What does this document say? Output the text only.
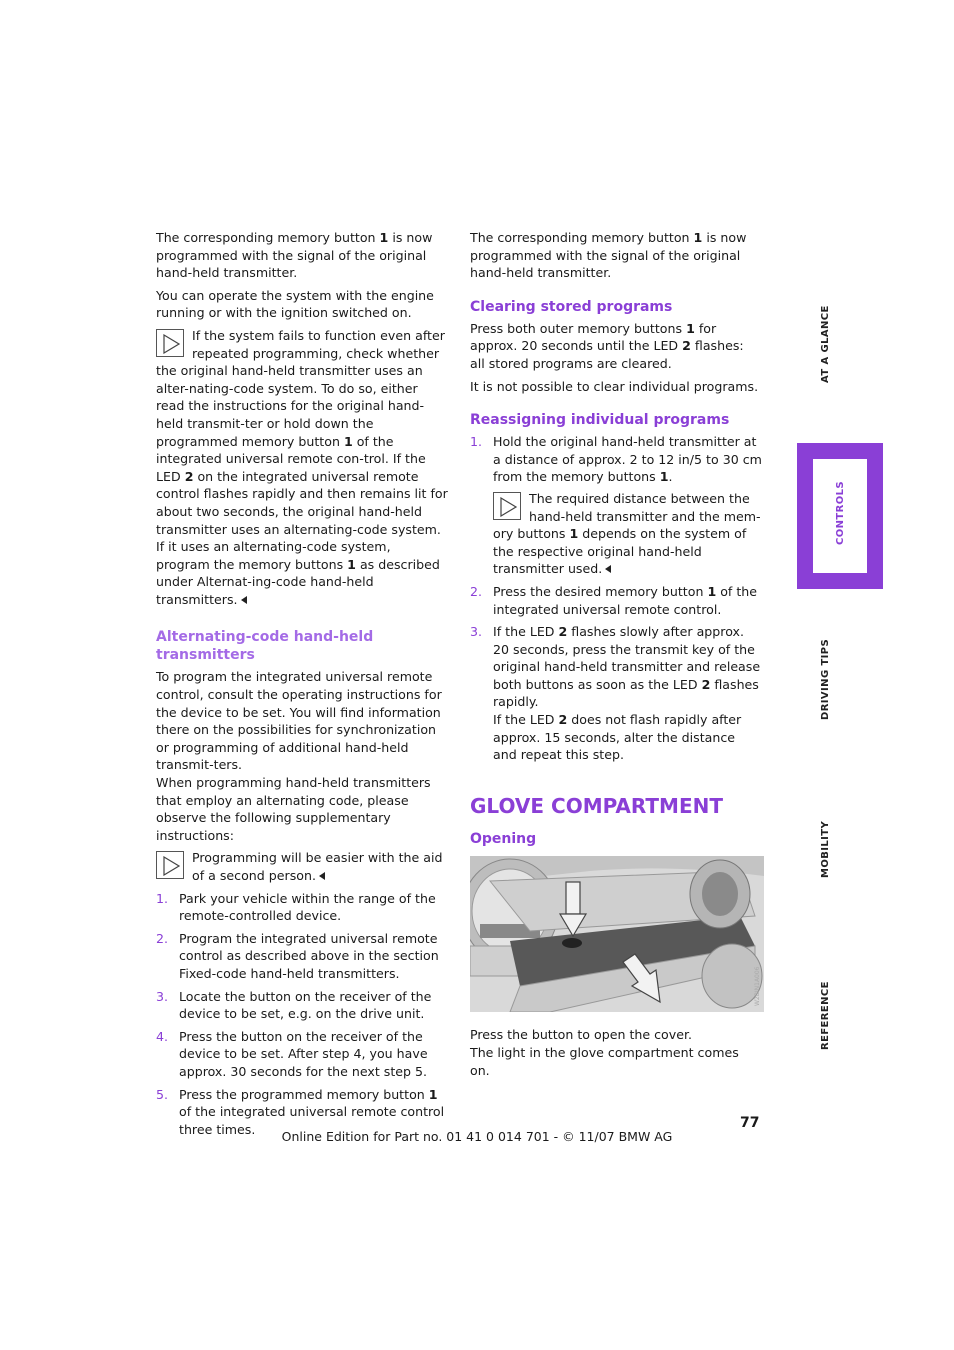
The corresponding memory button 1 is now programmed with the signal of the original hand-held transmitter.

You can operate the system with the engine running or with the ignition switched on.

If the system fails to function even after repeated programming, check whether the original hand-held transmitter uses an alter-nating-code system. To do so, either read the instructions for the original hand-held transmit-ter or hold down the programmed memory button 1 of the integrated universal remote con-trol. If the LED 2 on the integrated universal remote control flashes rapidly and then remains lit for about two seconds, the original hand-held transmitter uses an alternating-code system. If it uses an alternating-code system, program the memory buttons 1 as described under Alternat-ing-code hand-held transmitters.
Alternating-code hand-held transmitters

To program the integrated universal remote control, consult the operating instructions for the device to be set. You will find information there on the possibilities for synchronization or programming of additional hand-held transmit-ters.

When programming hand-held transmitters that employ an alternating code, please observe the following supplementary instructions:

Programming will be easier with the aid of a second person.
1. Park your vehicle within the range of the remote-controlled device.
2. Program the integrated universal remote control as described above in the section Fixed-code hand-held transmitters.
3. Locate the button on the receiver of the device to be set, e.g. on the drive unit.
4. Press the button on the receiver of the device to be set. After step 4, you have approx. 30 seconds for the next step 5.
5. Press the programmed memory button 1 of the integrated universal remote control three times.

The corresponding memory button 1 is now programmed with the signal of the original hand-held transmitter.

Clearing stored programs

Press both outer memory buttons 1 for approx. 20 seconds until the LED 2 flashes: all stored programs are cleared.

It is not possible to clear individual programs.

Reassigning individual programs
1. Hold the original hand-held transmitter at a distance of approx. 2 to 12 in/5 to 30 cm from the memory buttons 1.
The required distance between the hand-held transmitter and the mem-ory buttons 1 depends on the system of the respective original hand-held transmitter used.
2. Press the desired memory button 1 of the integrated universal remote control.
3. If the LED 2 flashes slowly after approx. 20 seconds, press the transmit key of the original hand-held transmitter and release both buttons as soon as the LED 2 flashes rapidly.
If the LED 2 does not flash rapidly after approx. 15 seconds, alter the distance and repeat this step.
GLOVE COMPARTMENT
Opening
W2BIN1A006

Press the button to open the cover.

The light in the glove compartment comes on.

AT A GLANCE
CONTROLS
DRIVING TIPS
MOBILITY
REFERENCE
77
Online Edition for Part no. 01 41 0 014 701 - © 11/07 BMW AG
